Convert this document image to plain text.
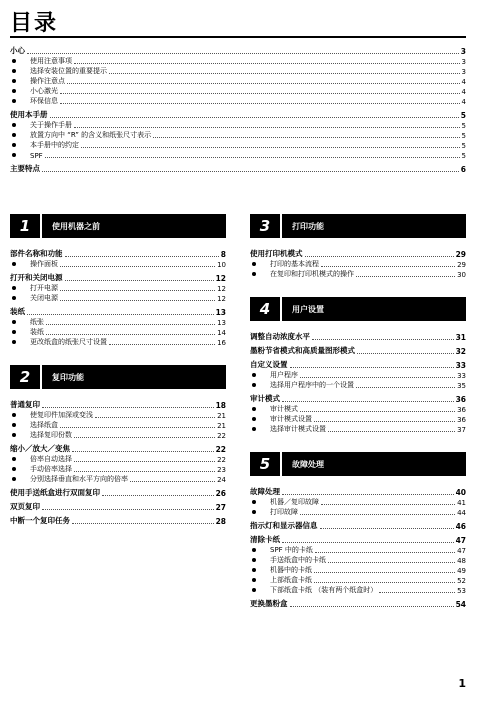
目录
小心	3
使用注意事项	3
选择安装位置的重要提示	3
操作注意点	4
小心激光	4
环保信息	4
使用本手册	5
关于操作手册	5
放置方向中 “R” 的含义和纸张尺寸表示	5
本手册中的约定	5
SPF	5
主要特点	6
1	使用机器之前
部件名称和功能	8
操作面板	10
打开和关闭电源	12
打开电源	12
关闭电源	12
装纸	13
纸张	13
装纸	14
更改纸盒的纸张尺寸设置	16
2	复印功能
普通复印	18
使复印件加深或变浅	21
选择纸盒	21
选择复印份数	22
缩小／放大／变焦	22
倍率自动选择	22
手动倍率选择	23
分别选择垂直和水平方向的倍率	24
使用手送纸盒进行双面复印	26
双页复印	27
中断一个复印任务	28
3	打印功能
使用打印机模式	29
打印的基本流程	29
在复印和打印机模式的操作	30
4	用户设置
调整自动浓度水平	31
墨粉节省模式和高质量图形模式	32
自定义设置	33
用户程序	33
选择用户程序中的一个设置	35
审计模式	36
审计模式	36
审计模式设置	36
选择审计模式设置	37
5	故障处理
故障处理	40
机器／复印故障	41
打印故障	44
指示灯和显示器信息	46
清除卡纸	47
SPF 中的卡纸	47
手送纸盒中的卡纸	48
机器中的卡纸	49
上部纸盒卡纸	52
下部纸盒卡纸 （装有两个纸盒时）	53
更换墨粉盒	54
1
